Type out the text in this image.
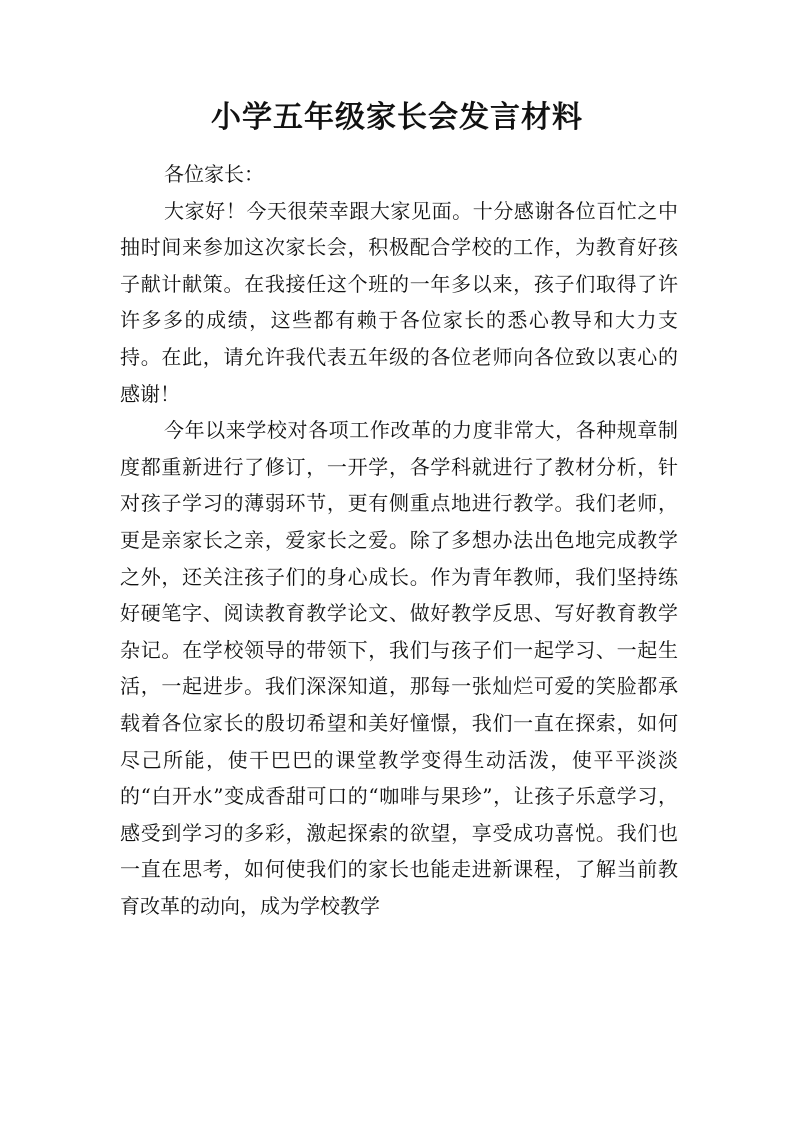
小学五年级家长会发言材料

各位家长：

大家好！今天很荣幸跟大家见面。十分感谢各位百忙之中抽时间来参加这次家长会，积极配合学校的工作，为教育好孩子献计献策。在我接任这个班的一年多以来，孩子们取得了许许多多的成绩，这些都有赖于各位家长的悉心教导和大力支持。在此，请允许我代表五年级的各位老师向各位致以衷心的感谢！

今年以来学校对各项工作改革的力度非常大，各种规章制度都重新进行了修订，一开学，各学科就进行了教材分析，针对孩子学习的薄弱环节，更有侧重点地进行教学。我们老师，更是亲家长之亲，爱家长之爱。除了多想办法出色地完成教学之外，还关注孩子们的身心成长。作为青年教师，我们坚持练好硬笔字、阅读教育教学论文、做好教学反思、写好教育教学杂记。在学校领导的带领下，我们与孩子们一起学习、一起生活，一起进步。我们深深知道，那每一张灿烂可爱的笑脸都承载着各位家长的殷切希望和美好憧憬，我们一直在探索，如何尽己所能，使干巴巴的课堂教学变得生动活泼，使平平淡淡的“白开水”变成香甜可口的“咖啡与果珍”，让孩子乐意学习，感受到学习的多彩，激起探索的欲望，享受成功喜悦。我们也一直在思考，如何使我们的家长也能走进新课程，了解当前教育改革的动向，成为学校教学
